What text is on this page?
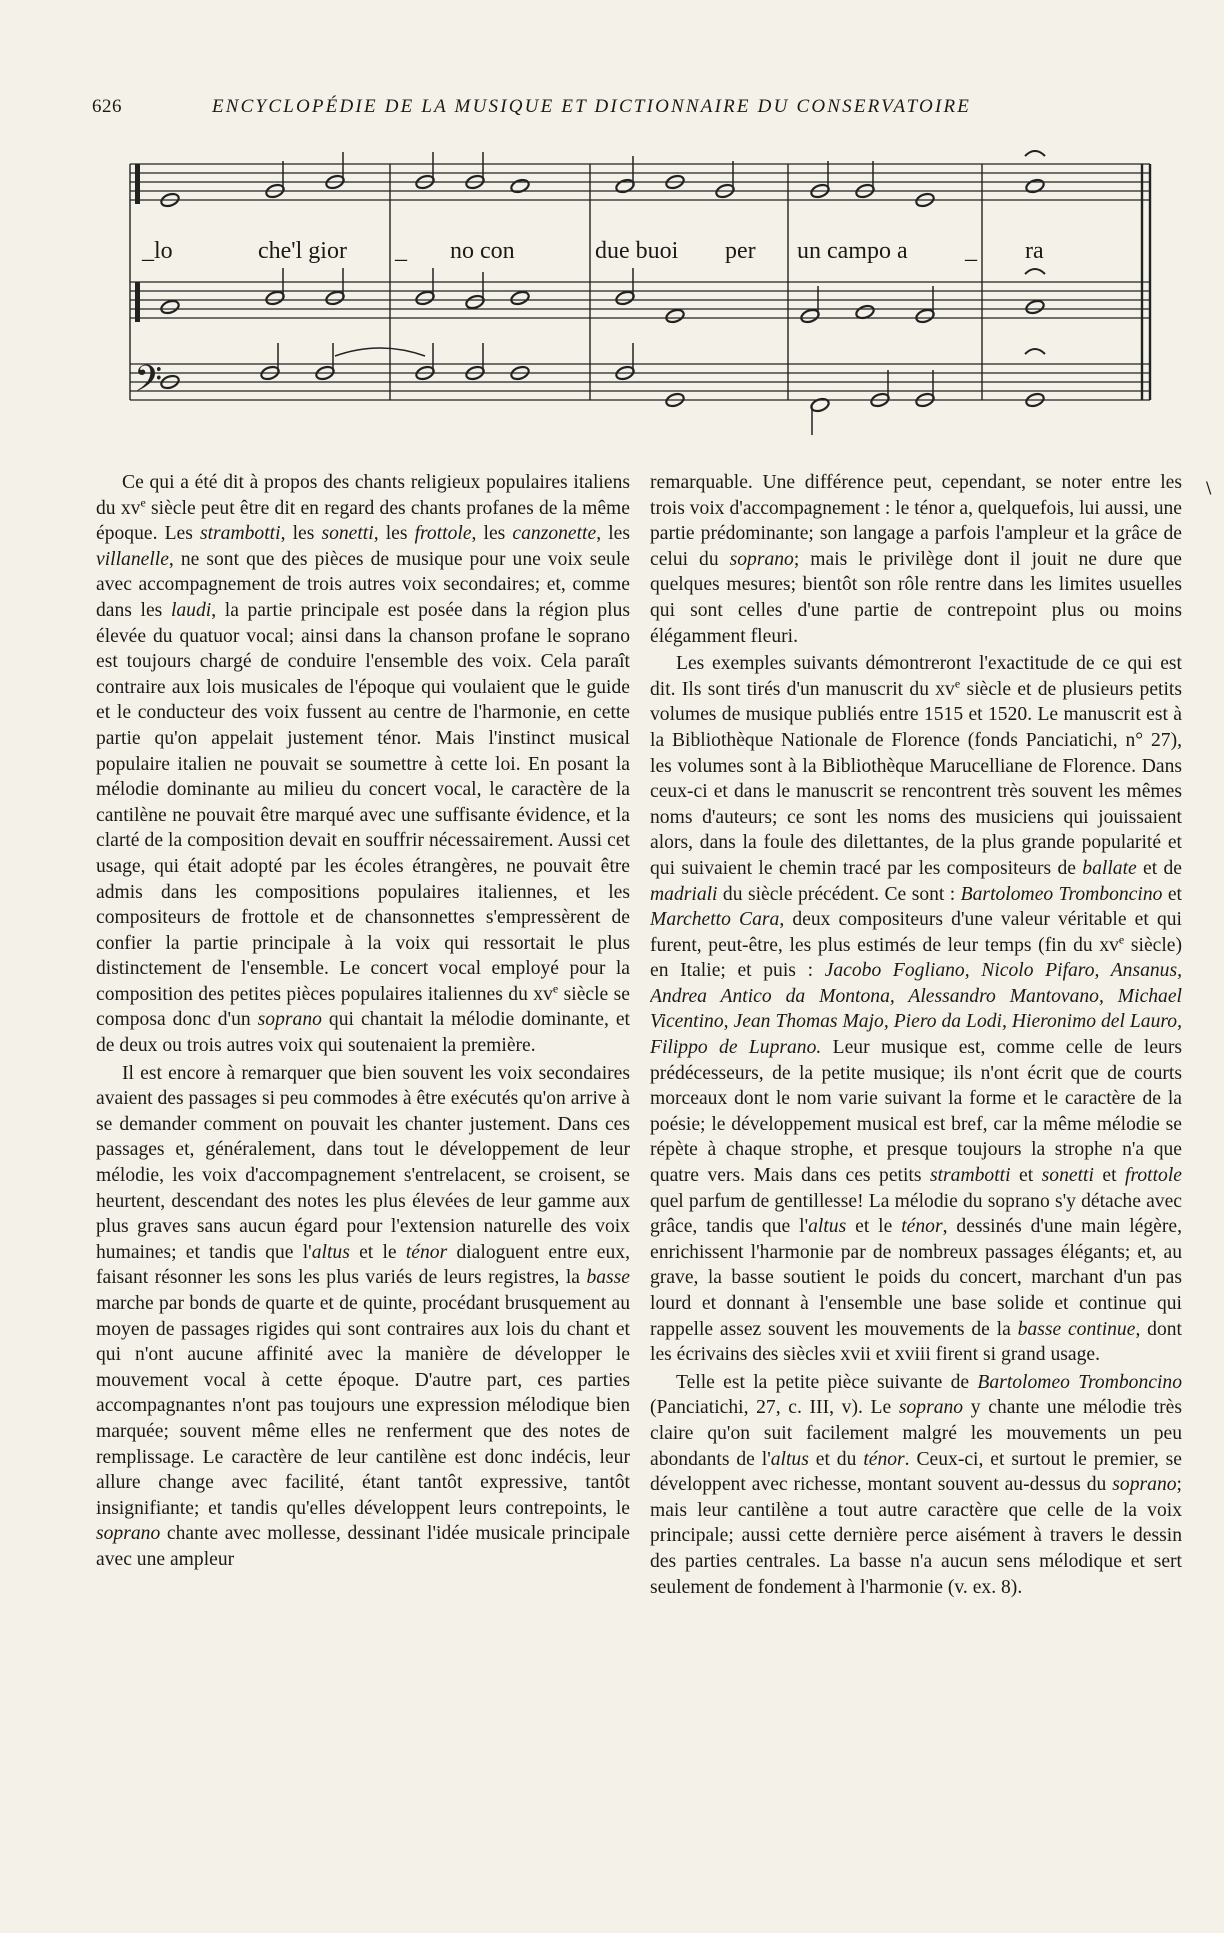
626	ENCYCLOPÉDIE DE LA MUSIQUE ET DICTIONNAIRE DU CONSERVATOIRE
𝄢
_lo	che'l gior _ no con	due buoi per un campo a _ ra

Ce qui a été dit à propos des chants religieux populaires italiens du $xv^e$ siècle peut être dit en regard des chants profanes de la même époque. Les strambotti, les sonetti, les frottole, les canzonette, les villanelle, ne sont que des pièces de musique pour une voix seule avec accompagnement de trois autres voix secondaires; et, comme dans les laudi, la partie principale est posée dans la région plus élevée du quatuor vocal; ainsi dans la chanson profane le soprano est toujours chargé de conduire l'ensemble des voix. Cela paraît contraire aux lois musicales de l'époque qui voulaient que le guide et le conducteur des voix fussent au centre de l'harmonie, en cette partie qu'on appelait justement ténor. Mais l'instinct musical populaire italien ne pouvait se soumettre à cette loi. En posant la mélodie dominante au milieu du concert vocal, le caractère de la cantilène ne pouvait être marqué avec une suffisante évidence, et la clarté de la composition devait en souffrir nécessairement. Aussi cet usage, qui était adopté par les écoles étrangères, ne pouvait être admis dans les compositions populaires italiennes, et les compositeurs de frottole et de chansonnettes s'empressèrent de confier la partie principale à la voix qui ressortait le plus distinctement de l'ensemble. Le concert vocal employé pour la composition des petites pièces populaires italiennes du $xv^e$ siècle se composa donc d'un soprano qui chantait la mélodie dominante, et de deux ou trois autres voix qui soutenaient la première.

Il est encore à remarquer que bien souvent les voix secondaires avaient des passages si peu commodes à être exécutés qu'on arrive à se demander comment on pouvait les chanter justement. Dans ces passages et, généralement, dans tout le développement de leur mélodie, les voix d'accompagnement s'entrelacent, se croisent, se heurtent, descendant des notes les plus élevées de leur gamme aux plus graves sans aucun égard pour l'extension naturelle des voix humaines; et tandis que l'altus et le ténor dialoguent entre eux, faisant résonner les sons les plus variés de leurs registres, la basse marche par bonds de quarte et de quinte, procédant brusquement au moyen de passages rigides qui sont contraires aux lois du chant et qui n'ont aucune affinité avec la manière de développer le mouvement vocal à cette époque. D'autre part, ces parties accompagnantes n'ont pas toujours une expression mélodique bien marquée; souvent même elles ne renferment que des notes de remplissage. Le caractère de leur cantilène est donc indécis, leur allure change avec facilité, étant tantôt expressive, tantôt insignifiante; et tandis qu'elles développent leurs contrepoints, le soprano chante avec mollesse, dessinant l'idée musicale principale avec une ampleur

remarquable. Une différence peut, cependant, se noter entre les trois voix d'accompagnement : le ténor a, quelquefois, lui aussi, une partie prédominante; son langage a parfois l'ampleur et la grâce de celui du soprano; mais le privilège dont il jouit ne dure que quelques mesures; bientôt son rôle rentre dans les limites usuelles qui sont celles d'une partie de contrepoint plus ou moins élégamment fleuri.

Les exemples suivants démontreront l'exactitude de ce qui est dit. Ils sont tirés d'un manuscrit du $xv^e$ siècle et de plusieurs petits volumes de musique publiés entre 1515 et 1520. Le manuscrit est à la Bibliothèque Nationale de Florence (fonds Panciatichi, n° 27), les volumes sont à la Bibliothèque Marucelliane de Florence. Dans ceux-ci et dans le manuscrit se rencontrent très souvent les mêmes noms d'auteurs; ce sont les noms des musiciens qui jouissaient alors, dans la foule des dilettantes, de la plus grande popularité et qui suivaient le chemin tracé par les compositeurs de ballate et de madriali du siècle précédent. Ce sont : Bartolomeo Tromboncino et Marchetto Cara, deux compositeurs d'une valeur véritable et qui furent, peut-être, les plus estimés de leur temps (fin du $xv^e$ siècle) en Italie; et puis : Jacobo Fogliano, Nicolo Pifaro, Ansanus, Andrea Antico da Montona, Alessandro Mantovano, Michael Vicentino, Jean Thomas Majo, Piero da Lodi, Hieronimo del Lauro, Filippo de Luprano. Leur musique est, comme celle de leurs prédécesseurs, de la petite musique; ils n'ont écrit que de courts morceaux dont le nom varie suivant la forme et le caractère de la poésie; le développement musical est bref, car la même mélodie se répète à chaque strophe, et presque toujours la strophe n'a que quatre vers. Mais dans ces petits strambotti et sonetti et frottole quel parfum de gentillesse! La mélodie du soprano s'y détache avec grâce, tandis que l'altus et le ténor, dessinés d'une main légère, enrichissent l'harmonie par de nombreux passages élégants; et, au grave, la basse soutient le poids du concert, marchant d'un pas lourd et donnant à l'ensemble une base solide et continue qui rappelle assez souvent les mouvements de la basse continue, dont les écrivains des siècles xvii et xviii firent si grand usage.

Telle est la petite pièce suivante de Bartolomeo Tromboncino (Panciatichi, 27, c. III, v). Le soprano y chante une mélodie très claire qu'on suit facilement malgré les mouvements un peu abondants de l'altus et du ténor. Ceux-ci, et surtout le premier, se développent avec richesse, montant souvent au-dessus du soprano; mais leur cantilène a tout autre caractère que celle de la voix principale; aussi cette dernière perce aisément à travers le dessin des parties centrales. La basse n'a aucun sens mélodique et sert seulement de fondement à l'harmonie (v. ex. 8).

\
